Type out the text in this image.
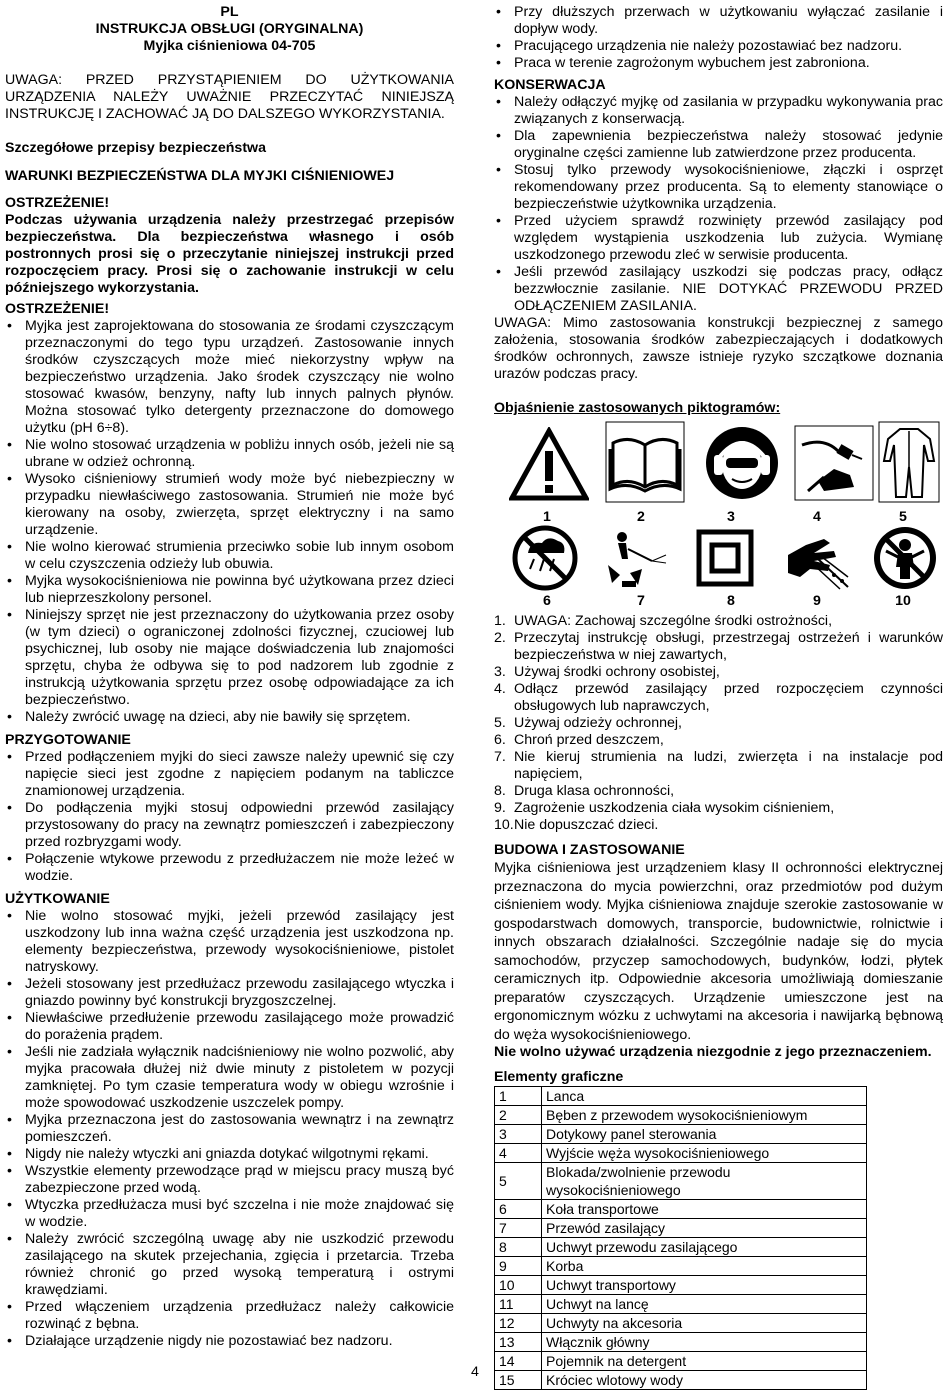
PL
INSTRUKCJA OBSŁUGI (ORYGINALNA)
Myjka ciśnieniowa 04-705
UWAGA: PRZED PRZYSTĄPIENIEM DO UŻYTKOWANIA URZĄDZENIA NALEŻY UWAŻNIE PRZECZYTAĆ NINIEJSZĄ INSTRUKCJĘ I ZACHOWAĆ JĄ DO DALSZEGO WYKORZYSTANIA.
Szczegółowe przepisy bezpieczeństwa
WARUNKI BEZPIECZEŃSTWA DLA MYJKI CIŚNIENIOWEJ
OSTRZEŻENIE!
Podczas używania urządzenia należy przestrzegać przepisów bezpieczeństwa. Dla bezpieczeństwa własnego i osób postronnych prosi się o przeczytanie niniejszej instrukcji przed rozpoczęciem pracy. Prosi się o zachowanie instrukcji w celu późniejszego wykorzystania.
OSTRZEŻENIE!
• Myjka jest zaprojektowana do stosowania ze środami czyszczącym przeznaczonymi do tego typu urządzeń. Zastosowanie innych środków czyszczących może mieć niekorzystny wpływ na bezpieczeństwo urządzenia. Jako środek czyszczący nie wolno stosować kwasów, benzyny, nafty lub innych palnych płynów. Można stosować tylko detergenty przeznaczone do domowego użytku (pH 6÷8).
• Nie wolno stosować urządzenia w pobliżu innych osób, jeżeli nie są ubrane w odzież ochronną.
• Wysoko ciśnieniowy strumień wody może być niebezpieczny w przypadku niewłaściwego zastosowania. Strumień nie może być kierowany na osoby, zwierzęta, sprzęt elektryczny i na samo urządzenie.
• Nie wolno kierować strumienia przeciwko sobie lub innym osobom w celu czyszczenia odzieży lub obuwia.
• Myjka wysokociśnieniowa nie powinna być użytkowana przez dzieci lub nieprzeszkolony personel.
• Niniejszy sprzęt nie jest przeznaczony do użytkowania przez osoby (w tym dzieci) o ograniczonej zdolności fizycznej, czuciowej lub psychicznej, lub osoby nie mające doświadczenia lub znajomości sprzętu, chyba że odbywa się to pod nadzorem lub zgodnie z instrukcją użytkowania sprzętu przez osobę odpowiadające za ich bezpieczeństwo.
• Należy zwrócić uwagę na dzieci, aby nie bawiły się sprzętem.
PRZYGOTOWANIE
• Przed podłączeniem myjki do sieci zawsze należy upewnić się czy napięcie sieci jest zgodne z napięciem podanym na tabliczce znamionowej urządzenia.
• Do podłączenia myjki stosuj odpowiedni przewód zasilający przystosowany do pracy na zewnątrz pomieszczeń i zabezpieczony przed rozbryzgami wody.
• Połączenie wtykowe przewodu z przedłużaczem nie może leżeć w wodzie.
UŻYTKOWANIE
• Nie wolno stosować myjki, jeżeli przewód zasilający jest uszkodzony lub inna ważna część urządzenia jest uszkodzona np. elementy bezpieczeństwa, przewody wysokociśnieniowe, pistolet natryskowy.
• Jeżeli stosowany jest przedłużacz przewodu zasilającego wtyczka i gniazdo powinny być konstrukcji bryzgoszczelnej.
• Niewłaściwe przedłużenie przewodu zasilającego może prowadzić do porażenia prądem.
• Jeśli nie zadziała wyłącznik nadciśnieniowy nie wolno pozwolić, aby myjka pracowała dłużej niż dwie minuty z pistoletem w pozycji zamkniętej. Po tym czasie temperatura wody w obiegu wzrośnie i może spowodować uszkodzenie uszczelek pompy.
• Myjka przeznaczona jest do zastosowania wewnątrz i na zewnątrz pomieszczeń.
• Nigdy nie należy wtyczki ani gniazda dotykać wilgotnymi rękami.
• Wszystkie elementy przewodzące prąd w miejscu pracy muszą być zabezpieczone przed wodą.
• Wtyczka przedłużacza musi być szczelna i nie może znajdować się w wodzie.
• Należy zwrócić szczególną uwagę aby nie uszkodzić przewodu zasilającego na skutek przejechania, zgięcia i przetarcia. Trzeba również chronić go przed wysoką temperaturą i ostrymi krawędziami.
• Przed włączeniem urządzenia przedłużacz należy całkowicie rozwinąć z bębna.
• Działające urządzenie nigdy nie pozostawiać bez nadzoru.
• Przy dłuższych przerwach w użytkowaniu wyłączać zasilanie i dopływ wody.
• Pracującego urządzenia nie należy pozostawiać bez nadzoru.
• Praca w terenie zagrożonym wybuchem jest zabroniona.
KONSERWACJA
• Należy odłączyć myjkę od zasilania w przypadku wykonywania prac związanych z konserwacją.
• Dla zapewnienia bezpieczeństwa należy stosować jedynie oryginalne części zamienne lub zatwierdzone przez producenta.
• Stosuj tylko przewody wysokociśnieniowe, złączki i osprzęt rekomendowany przez producenta. Są to elementy stanowiące o bezpieczeństwie użytkownika urządzenia.
• Przed użyciem sprawdź rozwinięty przewód zasilający pod względem wystąpienia uszkodzenia lub zużycia. Wymianę uszkodzonego przewodu zleć w serwisie producenta.
• Jeśli przewód zasilający uszkodzi się podczas pracy, odłącz bezzwłocznie zasilanie. NIE DOTYKAĆ PRZEWODU PRZED ODŁĄCZENIEM ZASILANIA.
UWAGA: Mimo zastosowania konstrukcji bezpiecznej z samego założenia, stosowania środków zabezpieczających i dodatkowych środków ochronnych, zawsze istnieje ryzyko szczątkowe doznania urazów podczas pracy.
Objaśnienie zastosowanych piktogramów:
1	2	3	4	5
6	7	8	9	10
1. UWAGA: Zachowaj szczególne środki ostrożności,
2. Przeczytaj instrukcję obsługi, przestrzegaj ostrzeżeń i warunków bezpieczeństwa w niej zawartych,
3. Używaj środki ochrony osobistej,
4. Odłącz przewód zasilający przed rozpoczęciem czynności obsługowych lub naprawczych,
5. Używaj odzieży ochronnej,
6. Chroń przed deszczem,
7. Nie kieruj strumienia na ludzi, zwierzęta i na instalacje pod napięciem,
8. Druga klasa ochronności,
9. Zagrożenie uszkodzenia ciała wysokim ciśnieniem,
10. Nie dopuszczać dzieci.
BUDOWA I ZASTOSOWANIE
Myjka ciśnieniowa jest urządzeniem klasy II ochronności elektrycznej przeznaczona do mycia powierzchni, oraz przedmiotów pod dużym ciśnieniem wody. Myjka ciśnieniowa znajduje szerokie zastosowanie w gospodarstwach domowych, transporcie, budownictwie, rolnictwie i innych obszarach działalności. Szczególnie nadaje się do mycia samochodów, przyczep samochodowych, budynków, łodzi, płytek ceramicznych itp. Odpowiednie akcesoria umożliwiają domieszanie preparatów czyszczących. Urządzenie umieszczone jest na ergonomicznym wózku z uchwytami na akcesoria i nawijarką bębnową do węża wysokociśnieniowego.
Nie wolno używać urządzenia niezgodnie z jego przeznaczeniem.
Elementy graficzne
1	Lanca
2	Bęben z przewodem wysokociśnieniowym
3	Dotykowy panel sterowania
4	Wyjście węża wysokociśnieniowego
5	Blokada/zwolnienie przewodu wysokociśnieniowego
6	Koła transportowe
7	Przewód zasilający
8	Uchwyt przewodu zasilającego
9	Korba
10	Uchwyt transportowy
11	Uchwyt na lancę
12	Uchwyty na akcesoria
13	Włącznik główny
14	Pojemnik na detergent
15	Króciec wlotowy wody
4
